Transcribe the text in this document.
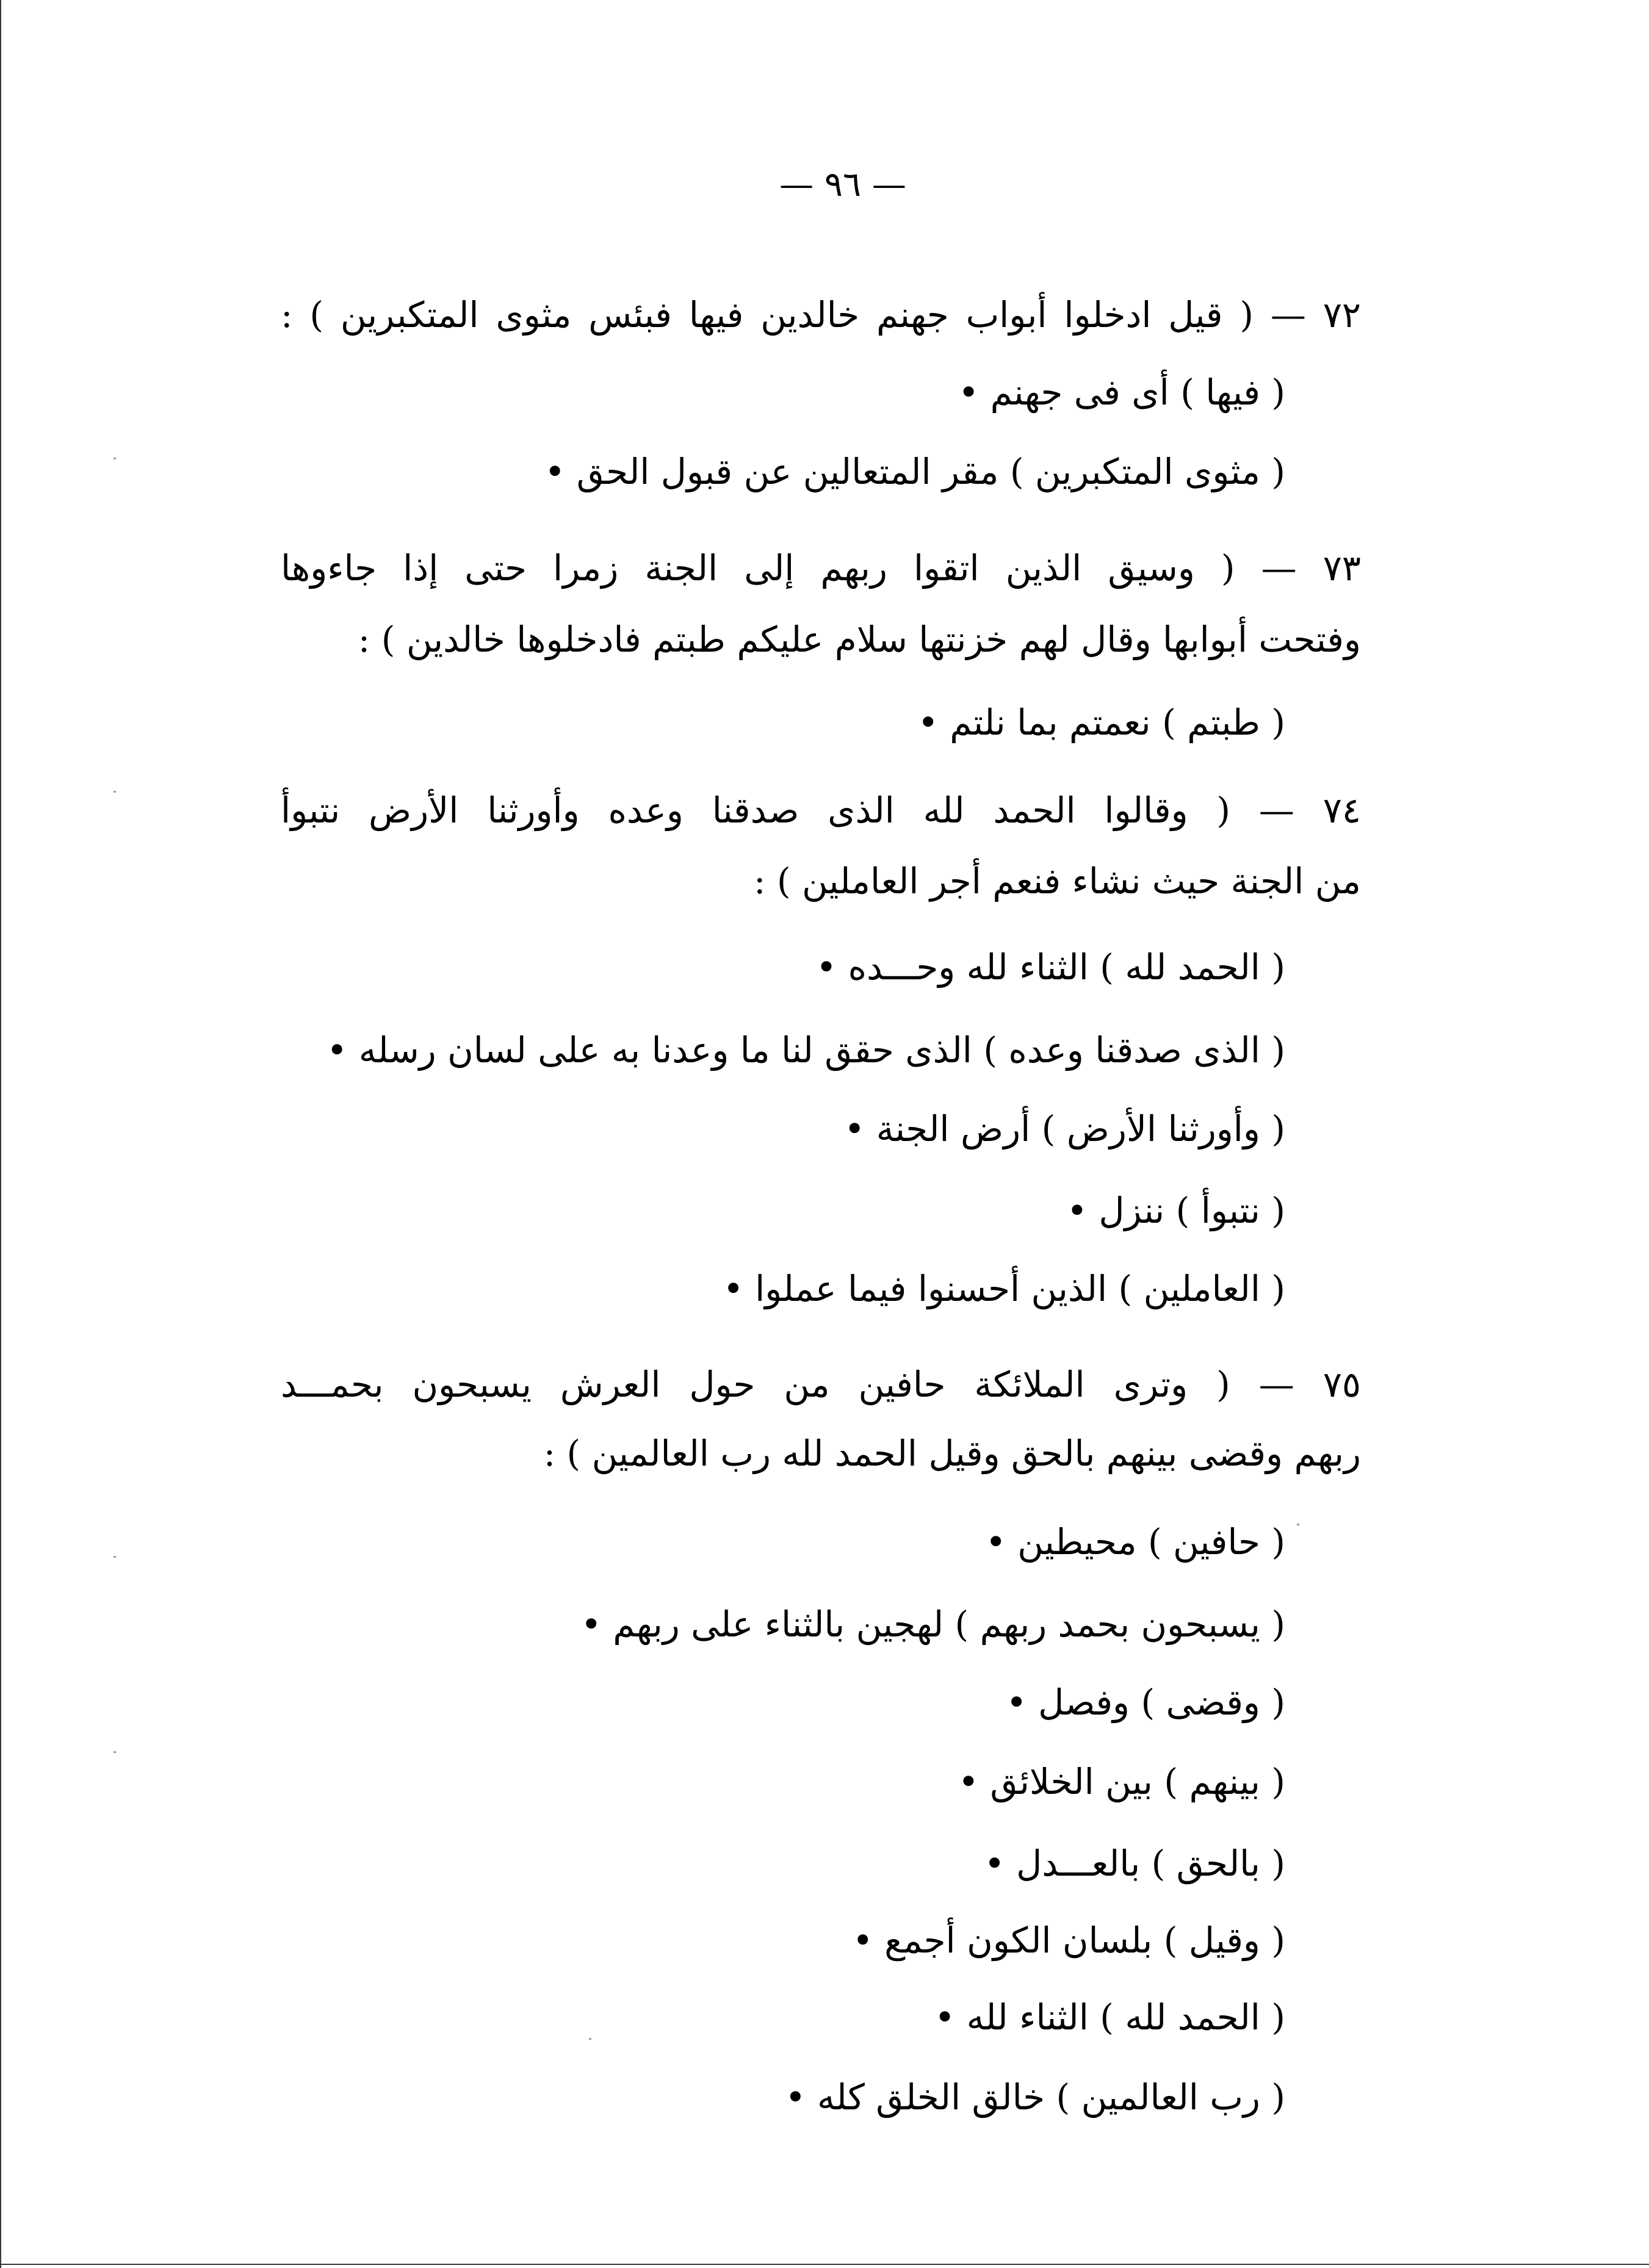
— ٩٦ —
٧٢ — ( قيل ادخلوا أبواب جهنم خالدين فيها فبئس مثوى المتكبرين ) :
( فيها ) أى فى جهنم •
( مثوى المتكبرين ) مقر المتعالين عن قبول الحق •
٧٣ — ( وسيق الذين اتقوا ربهم إلى الجنة زمرا حتى إذا جاءوها
وفتحت أبوابها وقال لهم خزنتها سلام عليكم طبتم فادخلوها خالدين ) :
( طبتم ) نعمتم بما نلتم •
٧٤ — ( وقالوا الحمد لله الذى صدقنا وعده وأورثنا الأرض نتبوأ
من الجنة حيث نشاء فنعم أجر العاملين ) :
( الحمد لله ) الثناء لله وحـــده •
( الذى صدقنا وعده ) الذى حقق لنا ما وعدنا به على لسان رسله •
( وأورثنا الأرض ) أرض الجنة •
( نتبوأ ) ننزل •
( العاملين ) الذين أحسنوا فيما عملوا •
٧٥ — ( وترى الملائكة حافين من حول العرش يسبحون بحمـــد
ربهم وقضى بينهم بالحق وقيل الحمد لله رب العالمين ) :
( حافين ) محيطين •
( يسبحون بحمد ربهم ) لهجين بالثناء على ربهم •
( وقضى ) وفصل •
( بينهم ) بين الخلائق •
( بالحق ) بالعـــدل •
( وقيل ) بلسان الكون أجمع •
( الحمد لله ) الثناء لله •
( رب العالمين ) خالق الخلق كله •
